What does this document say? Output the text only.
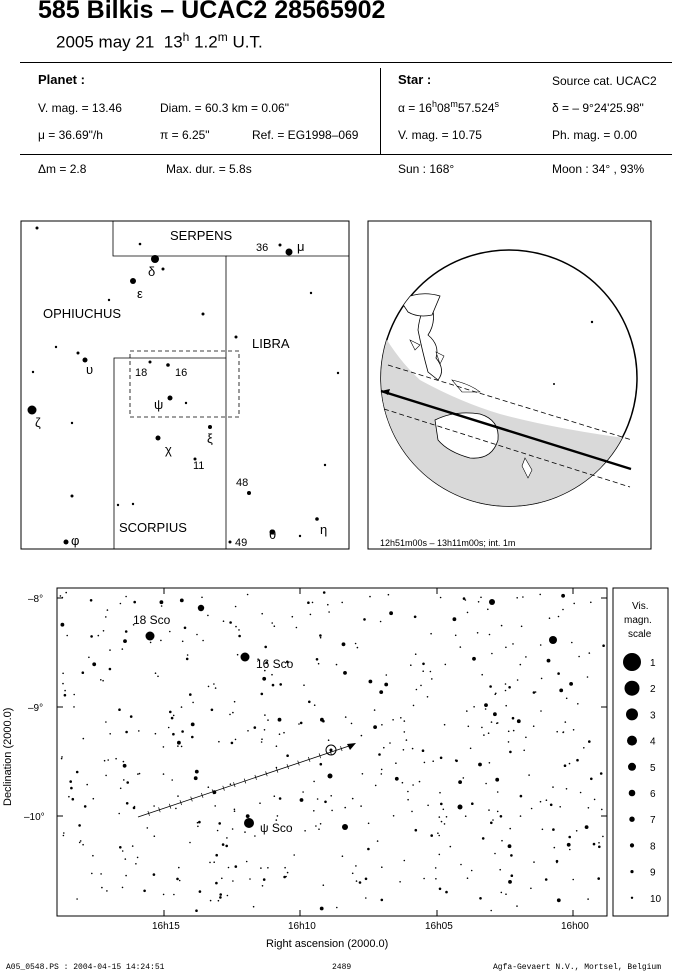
585 Bilkis – UCAC2 28565902
2005 may 21 13$^h$ 1.2$^m$ U.T.
Planet :
V. mag. = 13.46	Diam. = 60.3 km = 0.06"
μ = 36.69"/h	π = 6.25"	Ref. = EG1998–069
Δm = 2.8	Max. dur. = 5.8s
Star :	Source cat. UCAC2
$\alpha = 16^h08^m57.524^s$	δ = – 9°24'25.98"
V. mag. = 10.75	Ph. mag. = 0.00
Sun : 168°	Moon : 34° , 93%
SERPENS
OPHIUCHUS
LIBRA
SCORPIUS
36 μ
δ
ε
υ	18	16
ψ
ζ
χ
ξ
11
48
η
θ
49
φ	12h51m00s – 13h11m00s; int. 1m
–8°
–9°
–10°
16h15	16h10	16h05	16h00
Right ascension (2000.0)
Declination (2000.0)
18 Sco
16 Sco
ψ Sco
Vis.
magn.
scale
1
2
3
4
5
6
7
8
9
10
A05_0548.PS : 2004-04-15 14:24:51	2489	Agfa-Gevaert N.V., Mortsel, Belgium
